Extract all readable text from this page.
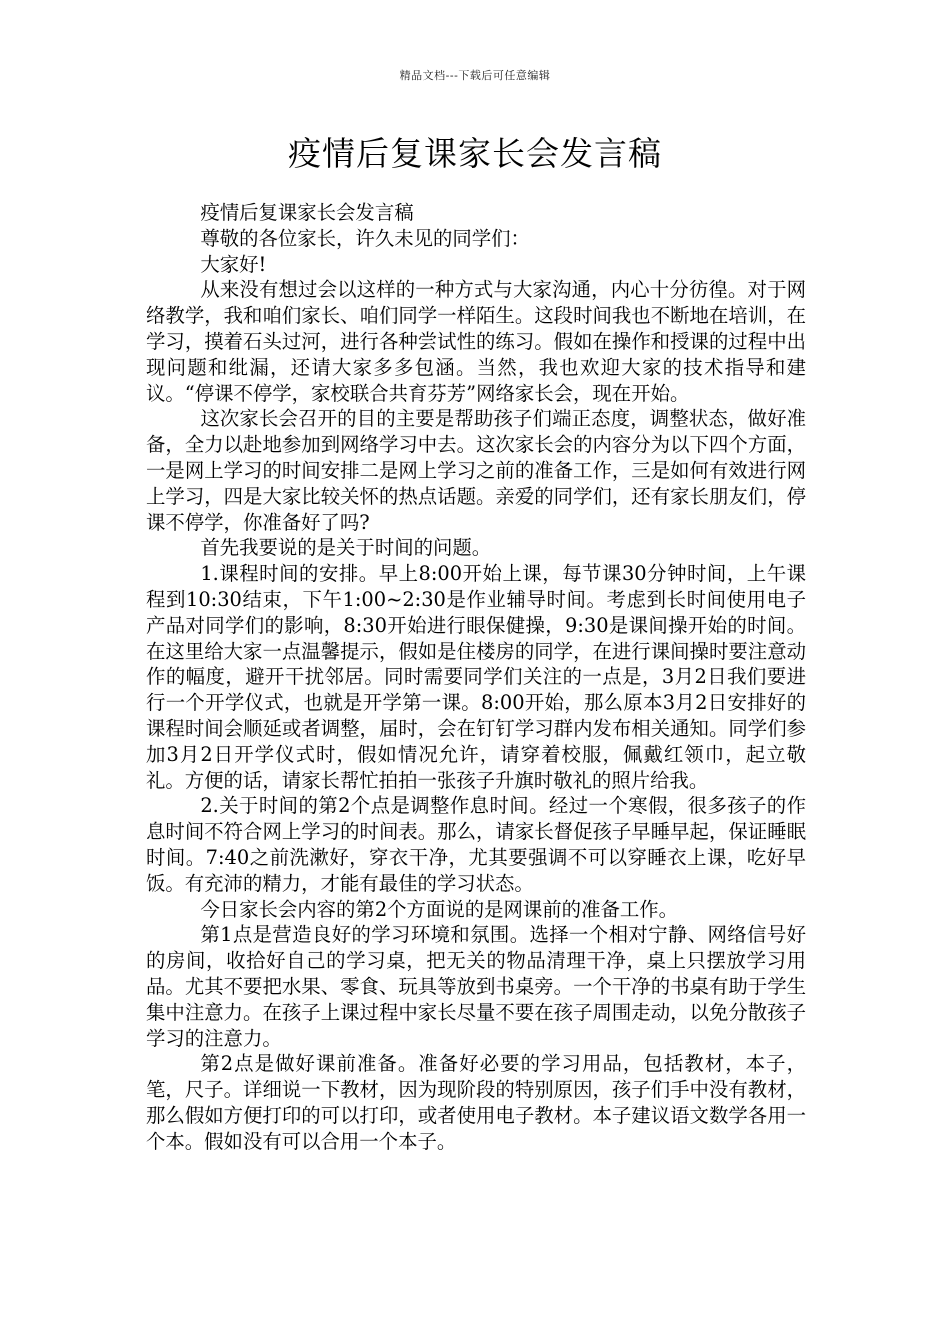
精品文档---下载后可任意编辑
疫情后复课家长会发言稿

疫情后复课家长会发言稿

尊敬的各位家长，许久未见的同学们：

大家好!

从来没有想过会以这样的一种方式与大家沟通，内心十分彷徨。对于网络教学，我和咱们家长、咱们同学一样陌生。这段时间我也不断地在培训，在学习，摸着石头过河，进行各种尝试性的练习。假如在操作和授课的过程中出现问题和纰漏，还请大家多多包涵。当然，我也欢迎大家的技术指导和建议。“停课不停学，家校联合共育芬芳”网络家长会，现在开始。

这次家长会召开的目的主要是帮助孩子们端正态度，调整状态，做好准备，全力以赴地参加到网络学习中去。这次家长会的内容分为以下四个方面，一是网上学习的时间安排二是网上学习之前的准备工作，三是如何有效进行网上学习，四是大家比较关怀的热点话题。亲爱的同学们，还有家长朋友们，停课不停学，你准备好了吗?

首先我要说的是关于时间的问题。

1.课程时间的安排。早上8:00开始上课，每节课30分钟时间，上午课程到10:30结束，下午1:00~2:30是作业辅导时间。考虑到长时间使用电子产品对同学们的影响，8:30开始进行眼保健操，9:30是课间操开始的时间。在这里给大家一点温馨提示，假如是住楼房的同学，在进行课间操时要注意动作的幅度，避开干扰邻居。同时需要同学们关注的一点是，3月2日我们要进行一个开学仪式，也就是开学第一课。8:00开始，那么原本3月2日安排好的课程时间会顺延或者调整，届时，会在钉钉学习群内发布相关通知。同学们参加3月2日开学仪式时，假如情况允许，请穿着校服，佩戴红领巾，起立敬礼。方便的话，请家长帮忙拍拍一张孩子升旗时敬礼的照片给我。

2.关于时间的第2个点是调整作息时间。经过一个寒假，很多孩子的作息时间不符合网上学习的时间表。那么，请家长督促孩子早睡早起，保证睡眠时间。7:40之前洗漱好，穿衣干净，尤其要强调不可以穿睡衣上课，吃好早饭。有充沛的精力，才能有最佳的学习状态。

今日家长会内容的第2个方面说的是网课前的准备工作。

第1点是营造良好的学习环境和氛围。选择一个相对宁静、网络信号好的房间，收拾好自己的学习桌，把无关的物品清理干净，桌上只摆放学习用品。尤其不要把水果、零食、玩具等放到书桌旁。一个干净的书桌有助于学生集中注意力。在孩子上课过程中家长尽量不要在孩子周围走动，以免分散孩子学习的注意力。

第2点是做好课前准备。准备好必要的学习用品，包括教材，本子，笔，尺子。详细说一下教材，因为现阶段的特别原因，孩子们手中没有教材，那么假如方便打印的可以打印，或者使用电子教材。本子建议语文数学各用一个本。假如没有可以合用一个本子。
